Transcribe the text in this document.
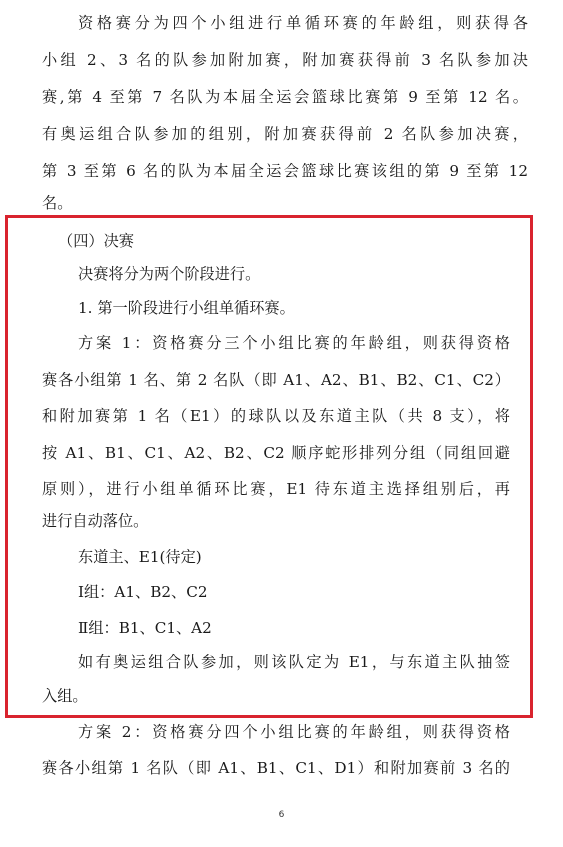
资格赛分为四个小组进行单循环赛的年龄组，则获得各
小组 2、3 名的队参加附加赛，附加赛获得前 3 名队参加决
赛,第 4 至第 7 名队为本届全运会篮球比赛第 9 至第 12 名。
有奥运组合队参加的组别，附加赛获得前 2 名队参加决赛，
第 3 至第 6 名的队为本届全运会篮球比赛该组的第 9 至第 12
名。
（四）决赛
决赛将分为两个阶段进行。
1. 第一阶段进行小组单循环赛。
方案 1：资格赛分三个小组比赛的年龄组，则获得资格
赛各小组第 1 名、第 2 名队（即 A1、A2、B1、B2、C1、C2）
和附加赛第 1 名（E1）的球队以及东道主队（共 8 支），将
按 A1、B1、C1、A2、B2、C2 顺序蛇形排列分组（同组回避
原则），进行小组单循环比赛，E1 待东道主选择组别后，再
进行自动落位。
东道主、E1(待定)
Ⅰ组：A1、B2、C2
Ⅱ组：B1、C1、A2
如有奥运组合队参加，则该队定为 E1，与东道主队抽签
入组。
方案 2：资格赛分四个小组比赛的年龄组，则获得资格
赛各小组第 1 名队（即 A1、B1、C1、D1）和附加赛前 3 名的
6
